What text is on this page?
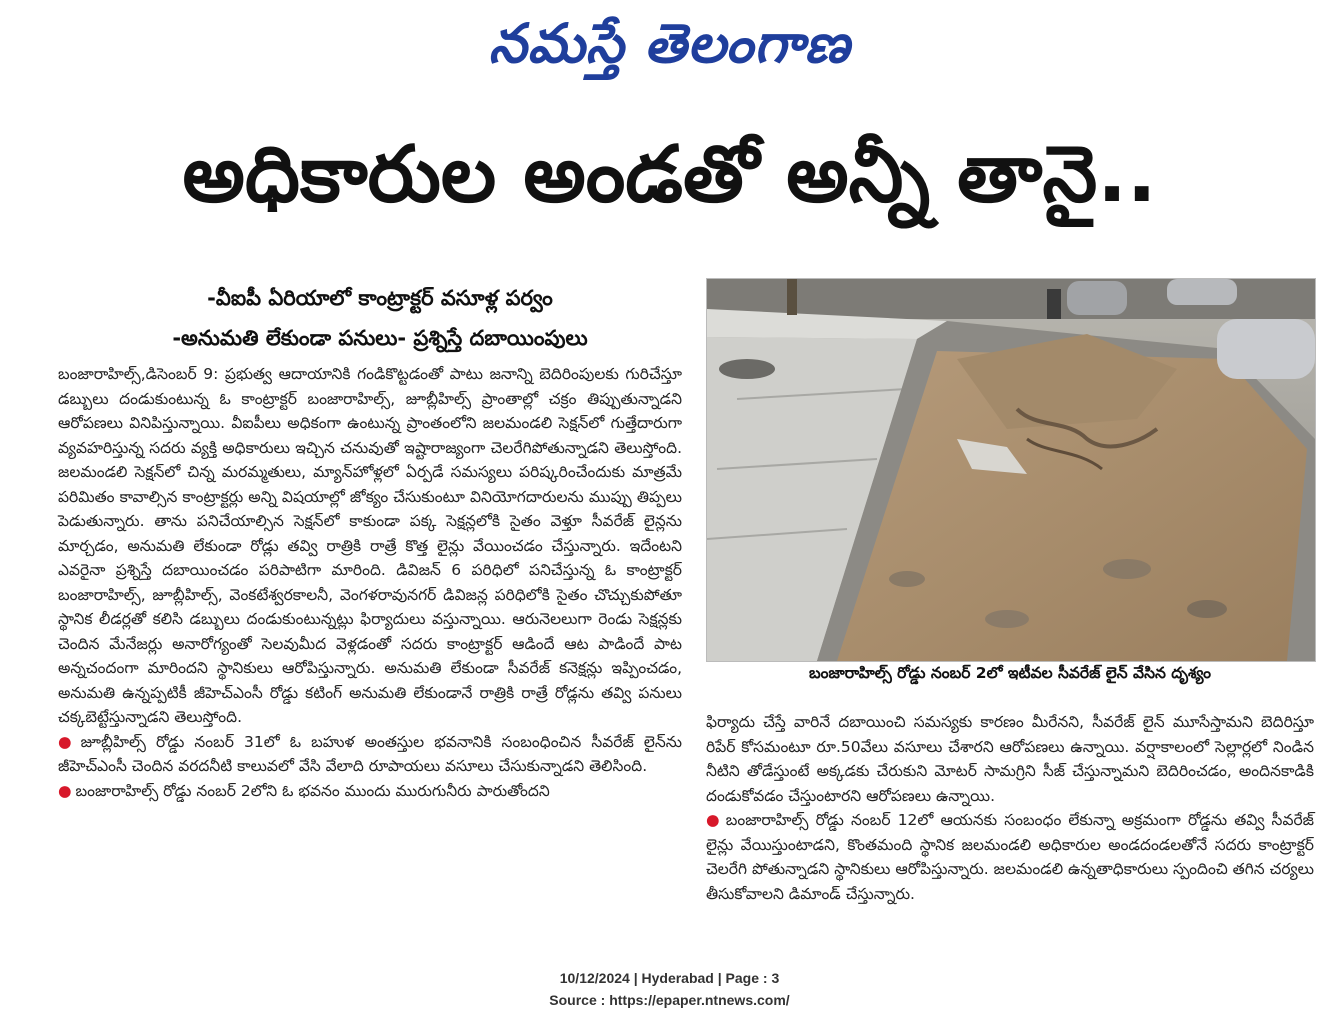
నమస్తే తెలంగాణ
అధికారుల అండతో అన్నీ తానై..
-వీఐపీ ఏరియాలో కాంట్రాక్టర్ వసూళ్ల పర్వం
-అనుమతి లేకుండా పనులు- ప్రశ్నిస్తే దబాయింపులు

బంజారాహిల్స్,డిసెంబర్ 9: ప్రభుత్వ ఆదాయానికి గండికొట్టడంతో పాటు జనాన్ని బెదిరింపులకు గురిచేస్తూ డబ్బులు దండుకుంటున్న ఓ కాంట్రాక్టర్ బంజారాహిల్స్, జూబ్లీహిల్స్ ప్రాంతాల్లో చక్రం తిప్పుతున్నాడని ఆరోపణలు వినిపిస్తున్నాయి. వీఐపీలు అధికంగా ఉంటున్న ప్రాంతంలోని జలమండలి సెక్షన్‌లో గుత్తేదారుగా వ్యవహరిస్తున్న సదరు వ్యక్తి అధికారులు ఇచ్చిన చనువుతో ఇష్టారాజ్యంగా చెలరేగిపోతున్నాడని తెలుస్తోంది. జలమండలి సెక్షన్‌లో చిన్న మరమ్మతులు, మ్యాన్‌హోళ్లలో ఏర్పడే సమస్యలు పరిష్కరించేందుకు మాత్రమే పరిమితం కావాల్సిన కాంట్రాక్టర్లు అన్ని విషయాల్లో జోక్యం చేసుకుంటూ వినియోగదారులను ముప్పు తిప్పలు పెడుతున్నారు. తాను పనిచేయాల్సిన సెక్షన్‌లో కాకుండా పక్క సెక్షన్లలోకి సైతం వెళ్తూ సీవరేజ్ లైన్లను మార్చడం, అనుమతి లేకుండా రోడ్లు తవ్వి రాత్రికి రాత్రే కొత్త లైన్లు వేయించడం చేస్తున్నారు. ఇదేంటని ఎవరైనా ప్రశ్నిస్తే దబాయించడం పరిపాటిగా మారింది. డివిజన్ 6 పరిధిలో పనిచేస్తున్న ఓ కాంట్రాక్టర్ బంజారాహిల్స్, జూబ్లీహిల్స్, వెంకటేశ్వరకాలనీ, వెంగళరావునగర్ డివిజన్ల పరిధిలోకి సైతం చొచ్చుకుపోతూ స్థానిక లీడర్లతో కలిసి డబ్బులు దండుకుంటున్నట్లు ఫిర్యాదులు వస్తున్నాయి. ఆరునెలలుగా రెండు సెక్షన్లకు చెందిన మేనేజర్లు అనారోగ్యంతో సెలవుమీద వెళ్లడంతో సదరు కాంట్రాక్టర్ ఆడిందే ఆట పాడిందే పాట అన్నచందంగా మారిందని స్థానికులు ఆరోపిస్తున్నారు. అనుమతి లేకుండా సీవరేజ్ కనెక్షన్లు ఇప్పించడం, అనుమతి ఉన్నప్పటికీ జీహెచ్ఎంసీ రోడ్డు కటింగ్ అనుమతి లేకుండానే రాత్రికి రాత్రే రోడ్లను తవ్వి పనులు చక్కబెట్టేస్తున్నాడని తెలుస్తోంది.

● జూబ్లీహిల్స్ రోడ్డు నంబర్ 31లో ఓ బహుళ అంతస్తుల భవనానికి సంబంధించిన సీవరేజ్ లైన్‌ను జీహెచ్ఎంసీ చెందిన వరదనీటి కాలువలో వేసి వేలాది రూపాయలు వసూలు చేసుకున్నాడని తెలిసింది.

● బంజారాహిల్స్ రోడ్డు నంబర్ 2లోని ఓ భవనం ముందు మురుగునీరు పారుతోందని

బంజారాహిల్స్ రోడ్డు నంబర్ 2లో ఇటీవల సీవరేజ్ లైన్ వేసిన దృశ్యం

ఫిర్యాదు చేస్తే వారినే దబాయించి సమస్యకు కారణం మీరేనని, సీవరేజ్ లైన్ మూసేస్తామని బెదిరిస్తూ రిపేర్ కోసమంటూ రూ.50వేలు వసూలు చేశారని ఆరోపణలు ఉన్నాయి. వర్షాకాలంలో సెల్లార్లలో నిండిన నీటిని తోడేస్తుంటే అక్కడకు చేరుకుని మోటర్ సామగ్రిని సీజ్ చేస్తున్నామని బెదిరించడం, అందినకాడికి దండుకోవడం చేస్తుంటారని ఆరోపణలు ఉన్నాయి.

● బంజారాహిల్స్ రోడ్డు నంబర్ 12లో ఆయనకు సంబంధం లేకున్నా అక్రమంగా రోడ్డను తవ్వి సీవరేజ్ లైన్లు వేయిస్తుంటాడని, కొంతమంది స్థానిక జలమండలి అధికారుల అండదండలతోనే సదరు కాంట్రాక్టర్ చెలరేగి పోతున్నాడని స్థానికులు ఆరోపిస్తున్నారు. జలమండలి ఉన్నతాధికారులు స్పందించి తగిన చర్యలు తీసుకోవాలని డిమాండ్ చేస్తున్నారు.

10/12/2024 | Hyderabad | Page : 3
Source : https://epaper.ntnews.com/
